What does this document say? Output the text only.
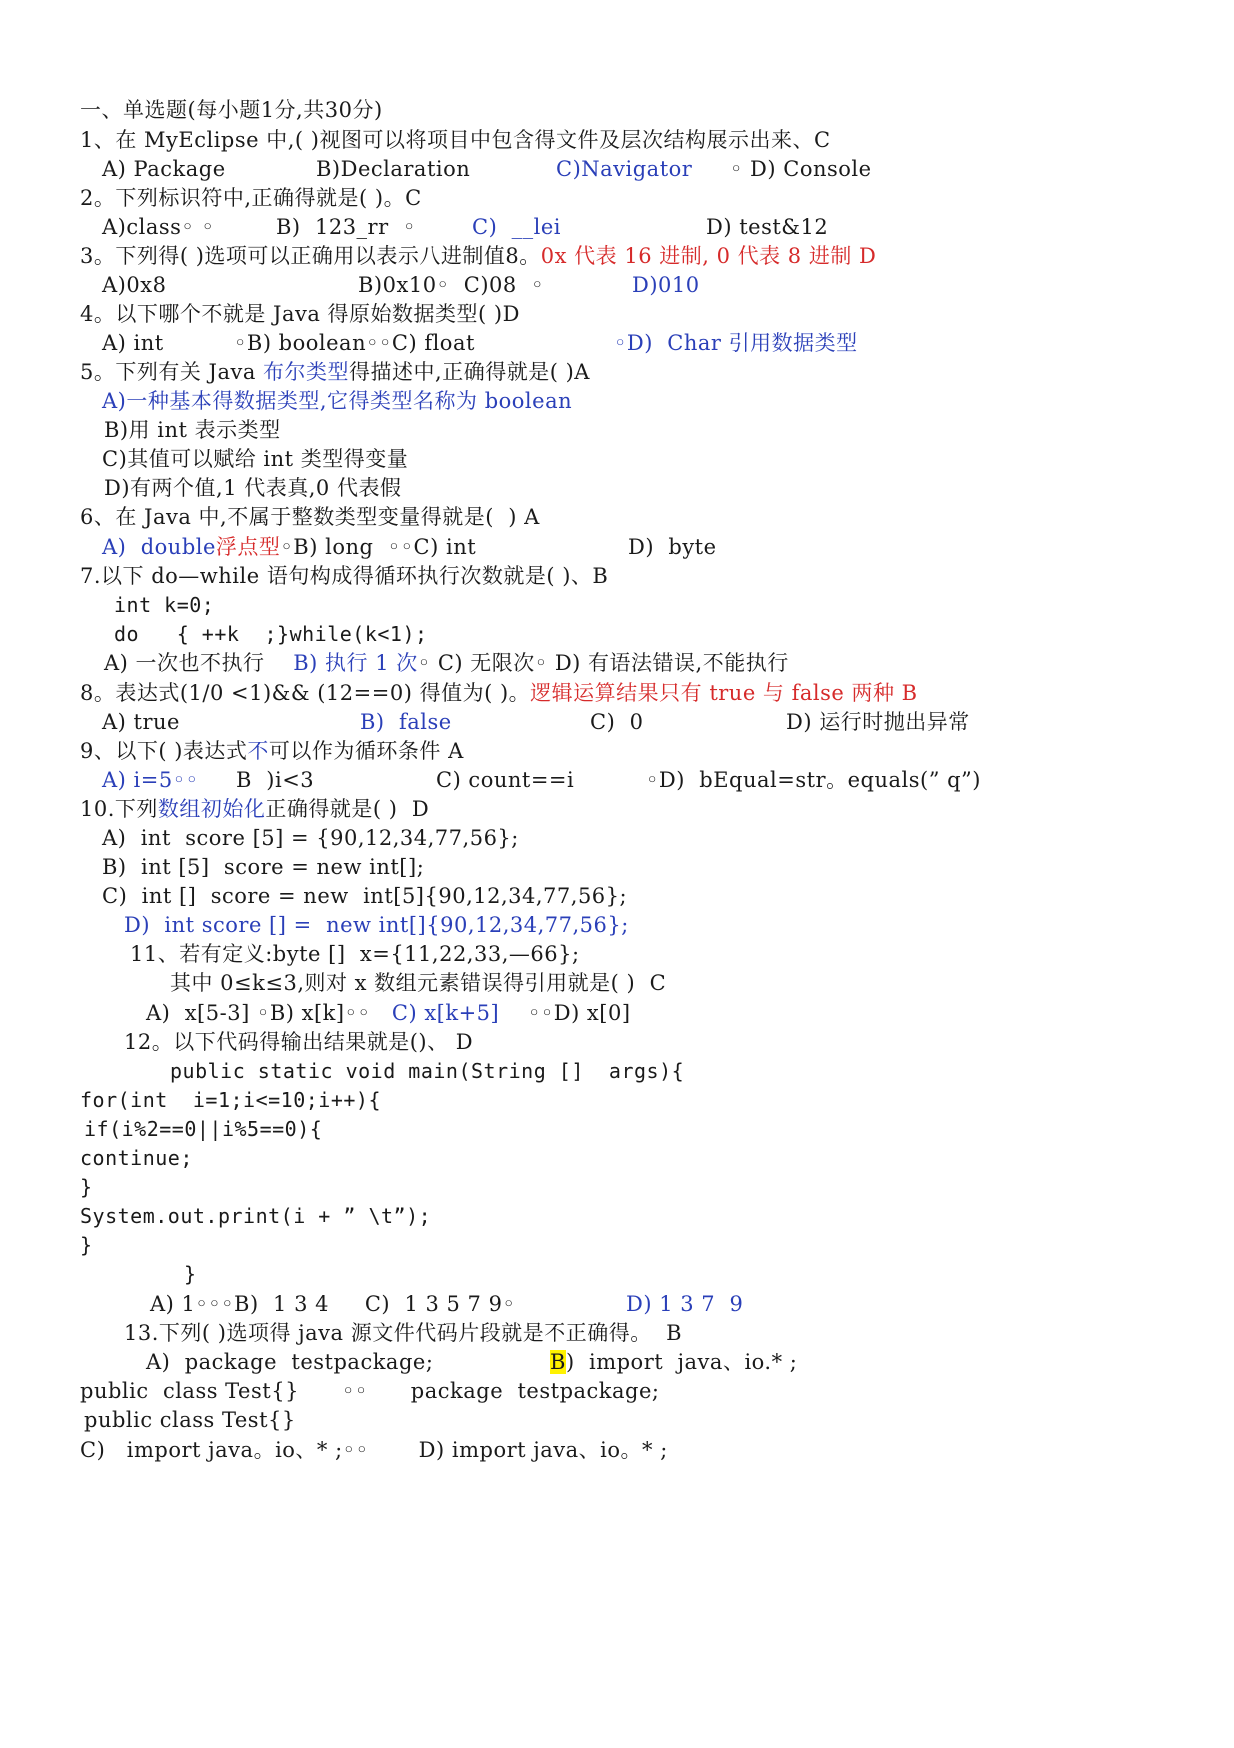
一、单选题(每小题1分,共30分)
1、在 MyEclipse 中,( )视图可以将项目中包含得文件及层次结构展示出来、C
A) Package	B)Declaration	C)Navigator ◦ D) Console
2。下列标识符中,正确得就是( )。C
A)class◦ ◦	B)  123_rr  ◦	C)  __lei	D) test&12
3。下列得( )选项可以正确用以表示八进制值8。0x 代表 16 进制, 0 代表 8 进制 D
A)0x8	B)0x10◦  C)08  ◦	D)010
4。以下哪个不就是 Java 得原始数据类型( )D
A) int	◦B) boolean◦◦C) float	◦D)  Char 引用数据类型
5。下列有关 Java 布尔类型得描述中,正确得就是( )A
A)一种基本得数据类型,它得类型名称为 boolean
B)用 int 表示类型
C)其值可以赋给 int 类型得变量
D)有两个值,1 代表真,0 代表假
6、在 Java 中,不属于整数类型变量得就是(  ) A
A)  double浮点型◦B) long  ◦◦C) int	D)  byte
7.以下 do—while 语句构成得循环执行次数就是( )、B
int k=0;
do   { ++k  ;}while(k<1);
A) 一次也不执行 B) 执行 1 次◦ C) 无限次◦ D) 有语法错误,不能执行
8。表达式(1/0 <1)&& (12==0) 得值为( )。逻辑运算结果只有 true 与 false 两种 B
A) true	B)  false	C)  0	D) 运行时抛出异常
9、以下( )表达式不可以作为循环条件 A
A) i=5◦◦ B  )i<3	C) count==i	◦D)  bEqual=str。equals(” q”)
10.下列数组初始化正确得就是( )  D
A)  int  score [5] = {90,12,34,77,56};
B)  int [5]  score = new int[];
C)  int []  score = new  int[5]{90,12,34,77,56};
D)  int score [] =  new int[]{90,12,34,77,56};
11、若有定义:byte []  x={11,22,33,—66};
其中 0≤k≤3,则对 x 数组元素错误得引用就是( )  C
A)  x[5-3] ◦B) x[k]◦◦ C) x[k+5] ◦◦D) x[0]
12。以下代码得输出结果就是()、 D
public static void main(String []  args){
for(int  i=1;i<=10;i++){
if(i%2==0||i%5==0){
continue;
}
System.out.print(i + ” \t”);
}
}
A) 1◦◦◦B)  1 3 4     C)  1 3 5 7 9◦	D) 1 3 7  9
13.下列( )选项得 java 源文件代码片段就是不正确得。  B
A)  package  testpackage;	B)  import  java、io.* ;
public  class Test{}      ◦◦      package  testpackage;
public class Test{}
C)   import java。io、* ;◦◦       D) import java、io。* ;
